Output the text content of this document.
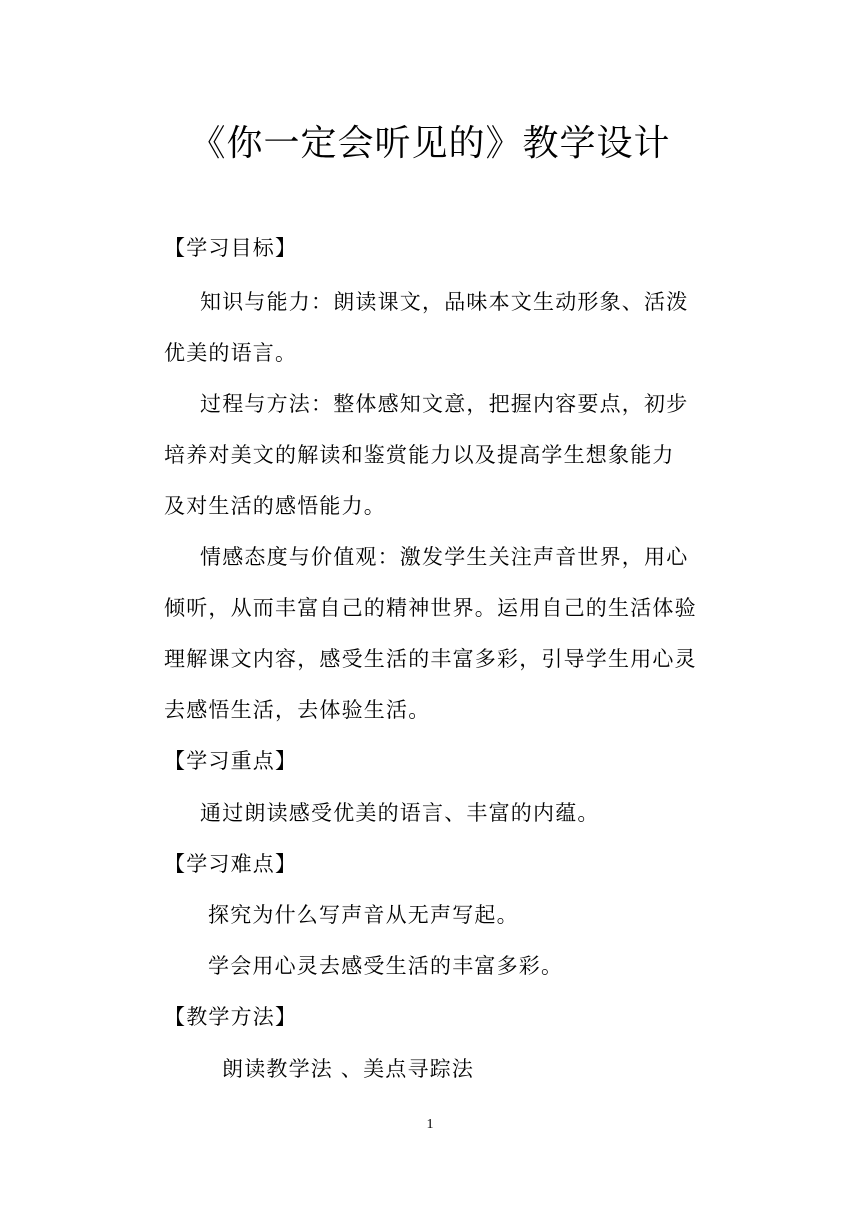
《你一定会听见的》教学设计
【学习目标】
知识与能力：朗读课文，品味本文生动形象、活泼
优美的语言。
过程与方法：整体感知文意，把握内容要点，初步
培养对美文的解读和鉴赏能力以及提高学生想象能力
及对生活的感悟能力。
情感态度与价值观：激发学生关注声音世界，用心
倾听，从而丰富自己的精神世界。运用自己的生活体验
理解课文内容，感受生活的丰富多彩，引导学生用心灵
去感悟生活，去体验生活。
【学习重点】
通过朗读感受优美的语言、丰富的内蕴。
【学习难点】
探究为什么写声音从无声写起。
学会用心灵去感受生活的丰富多彩。
【教学方法】
朗读教学法 、美点寻踪法
1
